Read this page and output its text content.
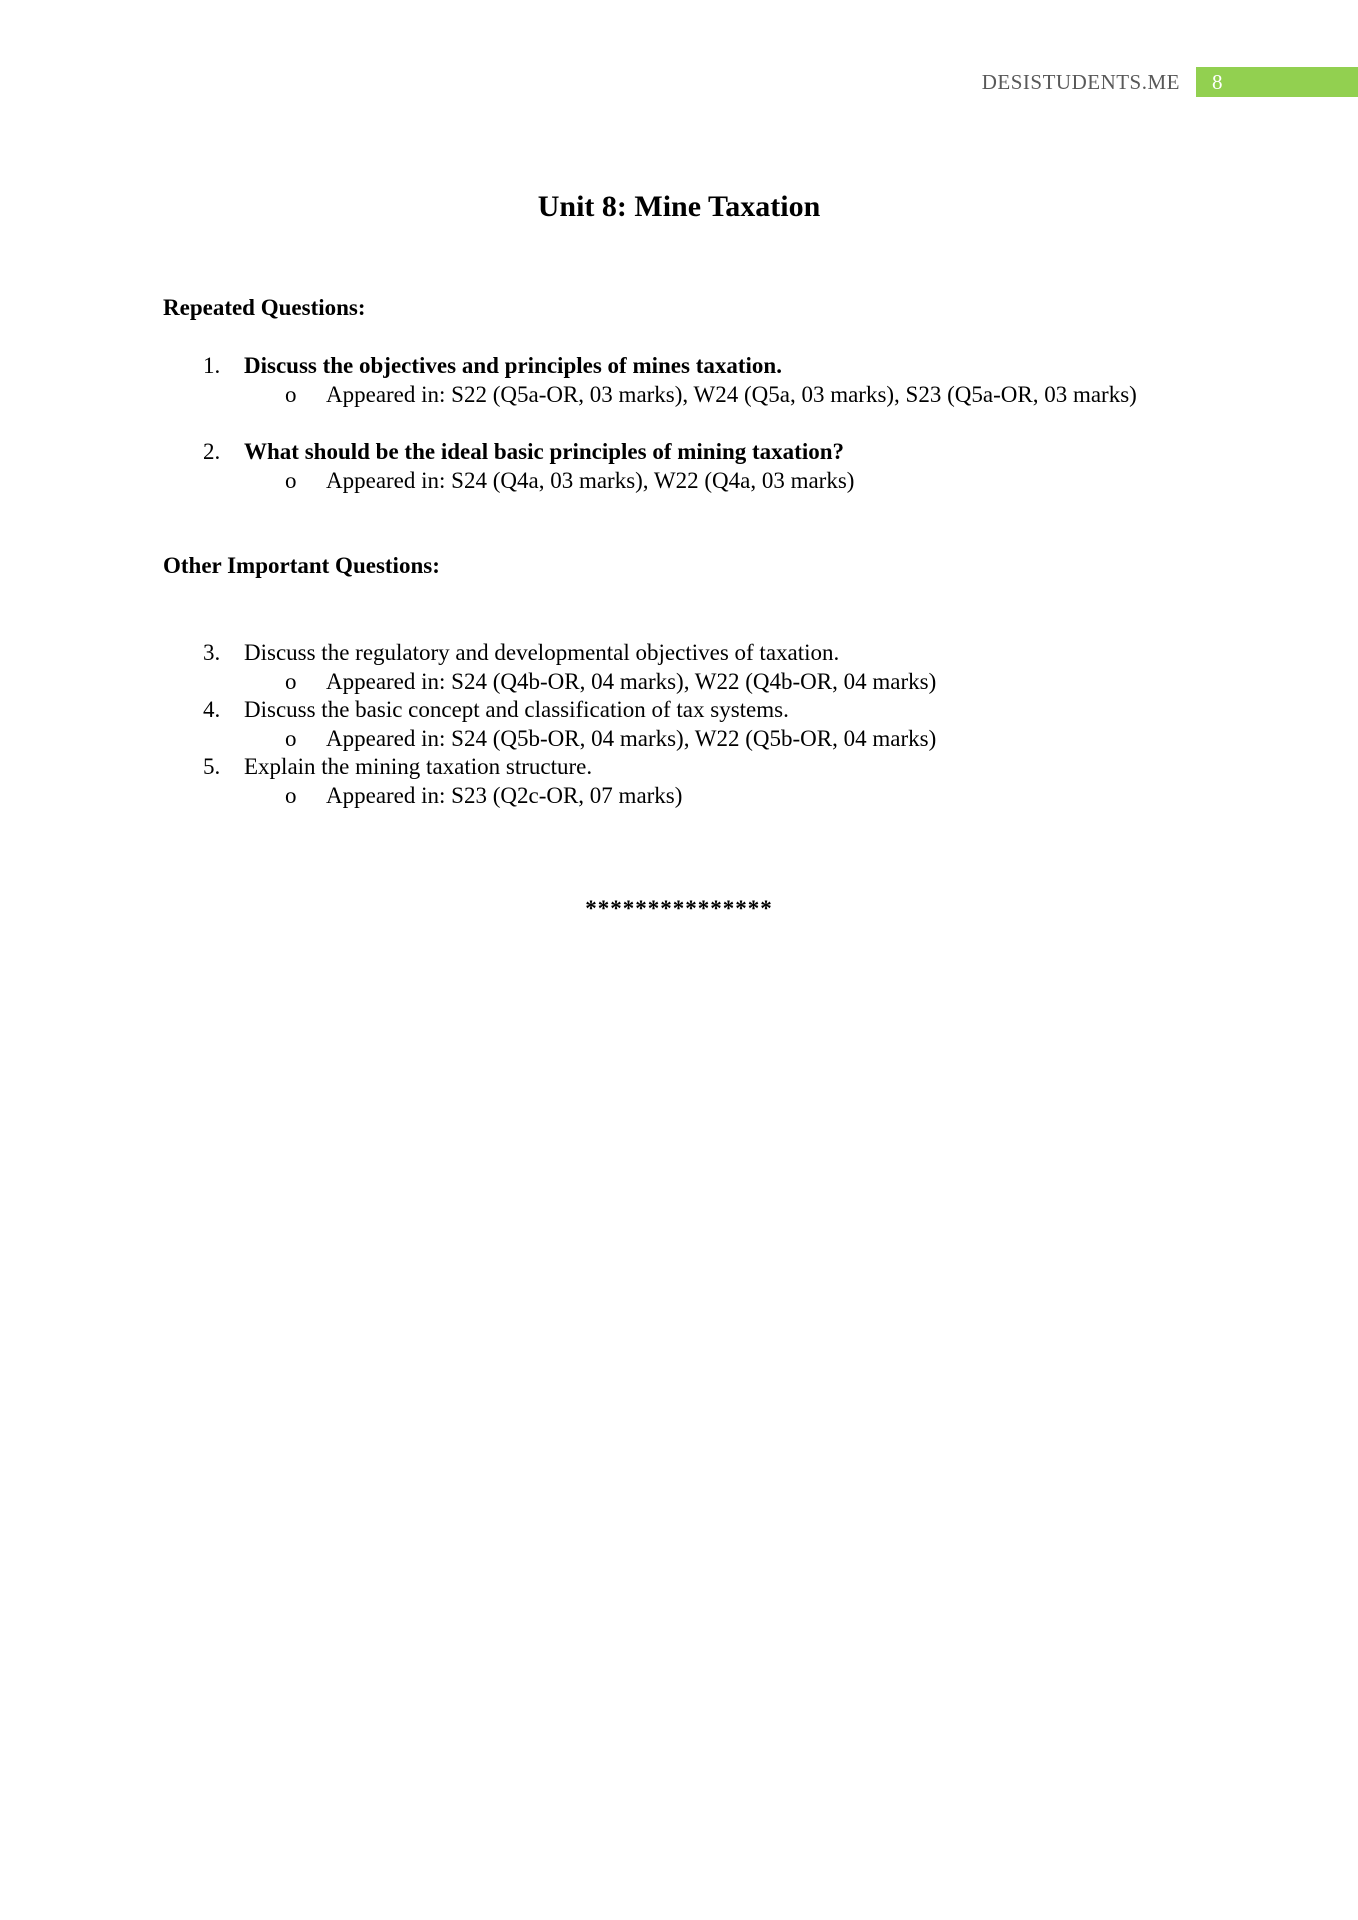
DESISTUDENTS.ME 8
Unit 8: Mine Taxation
Repeated Questions:
1. Discuss the objectives and principles of mines taxation.
o Appeared in: S22 (Q5a-OR, 03 marks), W24 (Q5a, 03 marks), S23 (Q5a-OR, 03 marks)
2. What should be the ideal basic principles of mining taxation?
o Appeared in: S24 (Q4a, 03 marks), W22 (Q4a, 03 marks)
Other Important Questions:
3. Discuss the regulatory and developmental objectives of taxation.
o Appeared in: S24 (Q4b-OR, 04 marks), W22 (Q4b-OR, 04 marks)
4. Discuss the basic concept and classification of tax systems.
o Appeared in: S24 (Q5b-OR, 04 marks), W22 (Q5b-OR, 04 marks)
5. Explain the mining taxation structure.
o Appeared in: S23 (Q2c-OR, 07 marks)
***************
